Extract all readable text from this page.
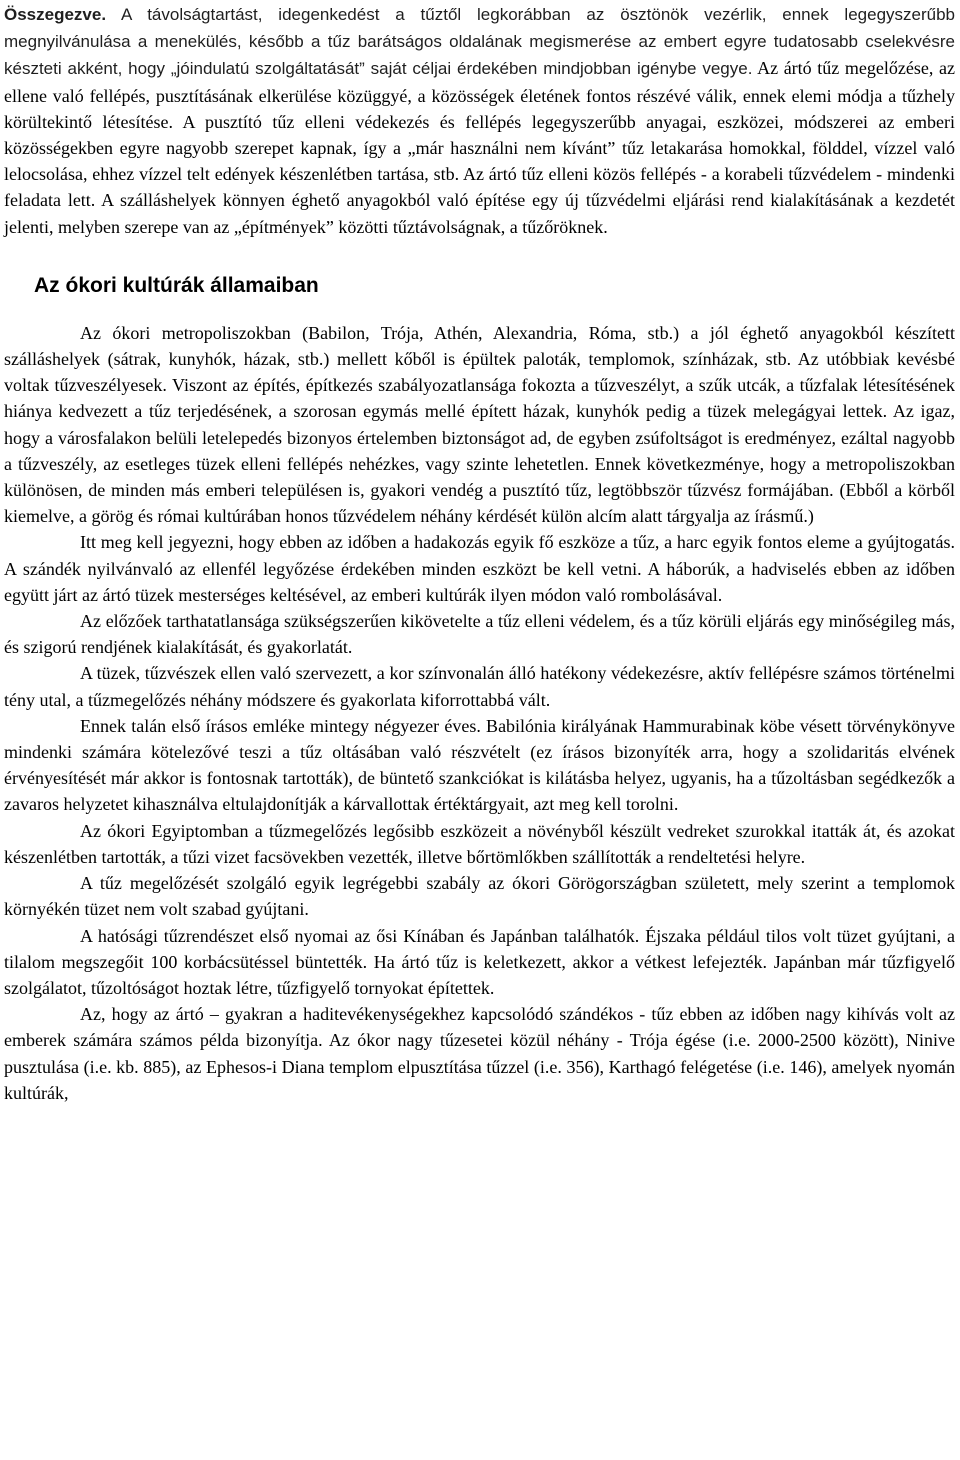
Összegezve. A távolságtartást, idegenkedést a tűztől legkorábban az ösztönök vezérlik, ennek legegyszerűbb megnyilvánulása a menekülés, később a tűz barátságos oldalának megismerése az embert egyre tudatosabb cselekvésre készteti akként, hogy „jóindulatú szolgáltatását” saját céljai érdekében mindjobban igénybe vegye. Az ártó tűz megelőzése, az ellene való fellépés, pusztításának elkerülése közüggyé, a közösségek életének fontos részévé válik, ennek elemi módja a tűzhely körültekintő létesítése. A pusztító tűz elleni védekezés és fellépés legegyszerűbb anyagai, eszközei, módszerei az emberi közösségekben egyre nagyobb szerepet kapnak, így a „már használni nem kívánt” tűz letakarása homokkal, földdel, vízzel való lelocsolása, ehhez vízzel telt edények készenlétben tartása, stb. Az ártó tűz elleni közös fellépés - a korabeli tűzvédelem - mindenki feladata lett. A szálláshelyek könnyen éghető anyagokból való építése egy új tűzvédelmi eljárási rend kialakításának a kezdetét jelenti, melyben szerepe van az „építmények” közötti tűztávolságnak, a tűzőröknek.

Az ókori kultúrák államaiban

Az ókori metropoliszokban (Babilon, Trója, Athén, Alexandria, Róma, stb.) a jól éghető anyagokból készített szálláshelyek (sátrak, kunyhók, házak, stb.) mellett kőből is épültek paloták, templomok, színházak, stb. Az utóbbiak kevésbé voltak tűzveszélyesek. Viszont az építés, építkezés szabályozatlansága fokozta a tűzveszélyt, a szűk utcák, a tűzfalak létesítésének hiánya kedvezett a tűz terjedésének, a szorosan egymás mellé épített házak, kunyhók pedig a tüzek melegágyai lettek. Az igaz, hogy a városfalakon belüli letelepedés bizonyos értelemben biztonságot ad, de egyben zsúfoltságot is eredményez, ezáltal nagyobb a tűzveszély, az esetleges tüzek elleni fellépés nehézkes, vagy szinte lehetetlen. Ennek következménye, hogy a metropoliszokban különösen, de minden más emberi településen is, gyakori vendég a pusztító tűz, legtöbbször tűzvész formájában. (Ebből a körből kiemelve, a görög és római kultúrában honos tűzvédelem néhány kérdését külön alcím alatt tárgyalja az írásmű.)

Itt meg kell jegyezni, hogy ebben az időben a hadakozás egyik fő eszköze a tűz, a harc egyik fontos eleme a gyújtogatás. A szándék nyilvánvaló az ellenfél legyőzése érdekében minden eszközt be kell vetni. A háborúk, a hadviselés ebben az időben együtt járt az ártó tüzek mesterséges keltésével, az emberi kultúrák ilyen módon való rombolásával.

Az előzőek tarthatatlansága szükségszerűen kikövetelte a tűz elleni védelem, és a tűz körüli eljárás egy minőségileg más, és szigorú rendjének kialakítását, és gyakorlatát.

A tüzek, tűzvészek ellen való szervezett, a kor színvonalán álló hatékony védekezésre, aktív fellépésre számos történelmi tény utal, a tűzmegelőzés néhány módszere és gyakorlata kiforrottabbá vált.

Ennek talán első írásos emléke mintegy négyezer éves. Babilónia királyának Hammurabinak köbe vésett törvénykönyve mindenki számára kötelezővé teszi a tűz oltásában való részvételt (ez írásos bizonyíték arra, hogy a szolidaritás elvének érvényesítését már akkor is fontosnak tartották), de büntető szankciókat is kilátásba helyez, ugyanis, ha a tűzoltásban segédkezők a zavaros helyzetet kihasználva eltulajdonítják a kárvallottak értéktárgyait, azt meg kell torolni.

Az ókori Egyiptomban a tűzmegelőzés legősibb eszközeit a növényből készült vedreket szurokkal itatták át, és azokat készenlétben tartották, a tűzi vizet facsövekben vezették, illetve bőrtömlőkben szállították a rendeltetési helyre.

A tűz megelőzését szolgáló egyik legrégebbi szabály az ókori Görögországban született, mely szerint a templomok környékén tüzet nem volt szabad gyújtani.

A hatósági tűzrendészet első nyomai az ősi Kínában és Japánban találhatók. Éjszaka például tilos volt tüzet gyújtani, a tilalom megszegőit 100 korbácsütéssel büntették. Ha ártó tűz is keletkezett, akkor a vétkest lefejezték. Japánban már tűzfigyelő szolgálatot, tűzoltóságot hoztak létre, tűzfigyelő tornyokat építettek.

Az, hogy az ártó – gyakran a haditevékenységekhez kapcsolódó szándékos - tűz ebben az időben nagy kihívás volt az emberek számára számos példa bizonyítja. Az ókor nagy tűzesetei közül néhány - Trója égése (i.e. 2000-2500 között), Ninive pusztulása (i.e. kb. 885), az Ephesos-i Diana templom elpusztítása tűzzel (i.e. 356), Karthagó felégetése (i.e. 146), amelyek nyomán kultúrák,
